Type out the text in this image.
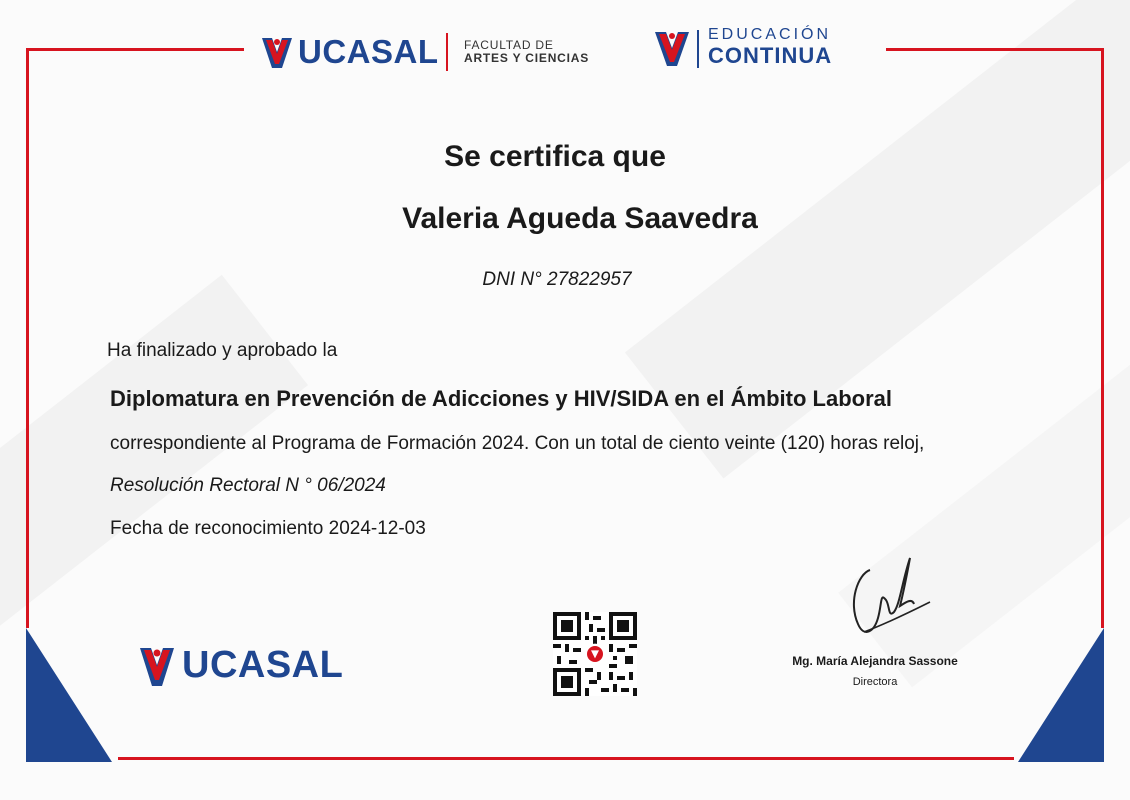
UCASAL FACULTAD DE
ARTES Y CIENCIAS
EDUCACIÓN
CONTINUA
Se certifica que
Valeria Agueda Saavedra
DNI N° 27822957
Ha finalizado y aprobado la
Diplomatura en Prevención de Adicciones y HIV/SIDA en el Ámbito Laboral
correspondiente al Programa de Formación 2024. Con un total de ciento veinte (120) horas reloj,
Resolución Rectoral N ° 06/2024
Fecha de reconocimiento 2024-12-03
UCASAL	Mg. María Alejandra Sassone
Directora
